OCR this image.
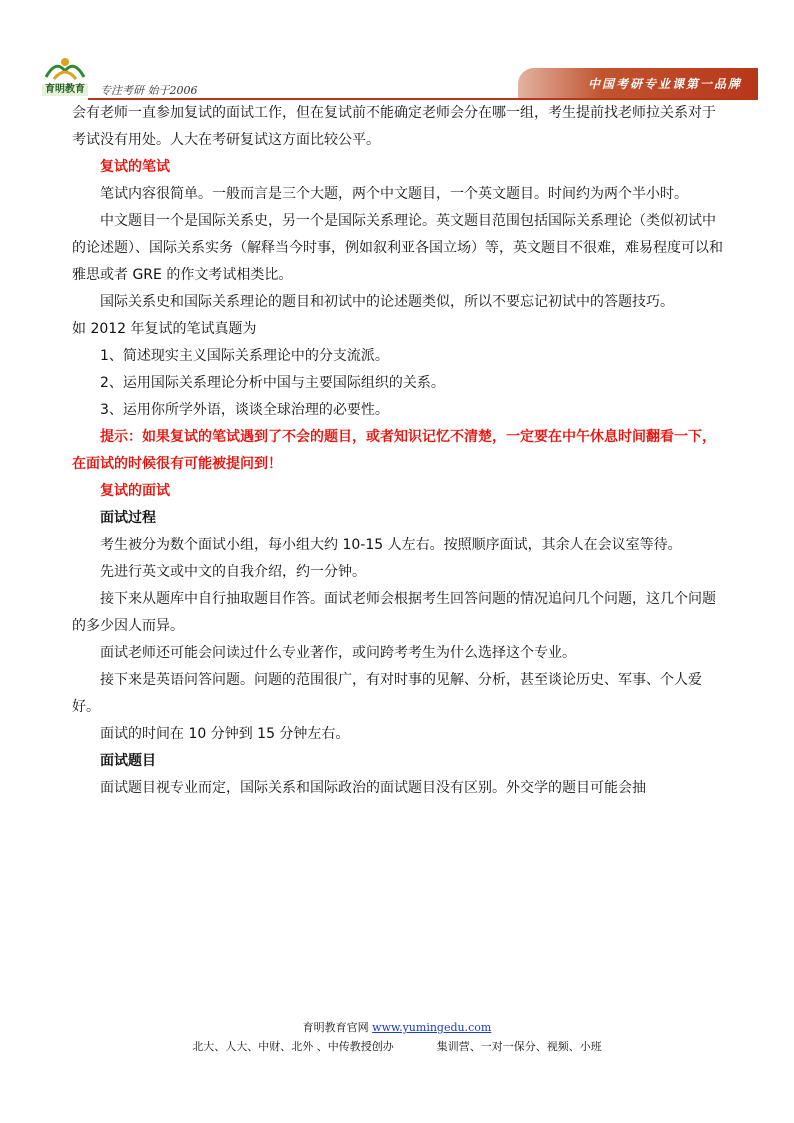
育明教育 专注考研 始于2006	中国考研专业课第一品牌

会有老师一直参加复试的面试工作，但在复试前不能确定老师会分在哪一组，考生提前找老师拉关系对于考试没有用处。人大在考研复试这方面比较公平。

复试的笔试

笔试内容很简单。一般而言是三个大题，两个中文题目，一个英文题目。时间约为两个半小时。

中文题目一个是国际关系史，另一个是国际关系理论。英文题目范围包括国际关系理论（类似初试中的论述题）、国际关系实务（解释当今时事，例如叙利亚各国立场）等，英文题目不很难，难易程度可以和雅思或者 GRE 的作文考试相类比。

国际关系史和国际关系理论的题目和初试中的论述题类似，所以不要忘记初试中的答题技巧。

如 2012 年复试的笔试真题为

1、简述现实主义国际关系理论中的分支流派。

2、运用国际关系理论分析中国与主要国际组织的关系。

3、运用你所学外语，谈谈全球治理的必要性。

提示：如果复试的笔试遇到了不会的题目，或者知识记忆不清楚，一定要在中午休息时间翻看一下，在面试的时候很有可能被提问到！

复试的面试

面试过程

考生被分为数个面试小组，每小组大约 10-15 人左右。按照顺序面试，其余人在会议室等待。

先进行英文或中文的自我介绍，约一分钟。

接下来从题库中自行抽取题目作答。面试老师会根据考生回答问题的情况追问几个问题，这几个问题的多少因人而异。

面试老师还可能会问读过什么专业著作，或问跨考考生为什么选择这个专业。

接下来是英语问答问题。问题的范围很广，有对时事的见解、分析，甚至谈论历史、军事、个人爱好。

面试的时间在 10 分钟到 15 分钟左右。

面试题目

面试题目视专业而定，国际关系和国际政治的面试题目没有区别。外交学的题目可能会抽

育明教育官网 www.yumingedu.com
北大、人大、中财、北外 、中传教授创办	集训营、一对一保分、视频、小班
